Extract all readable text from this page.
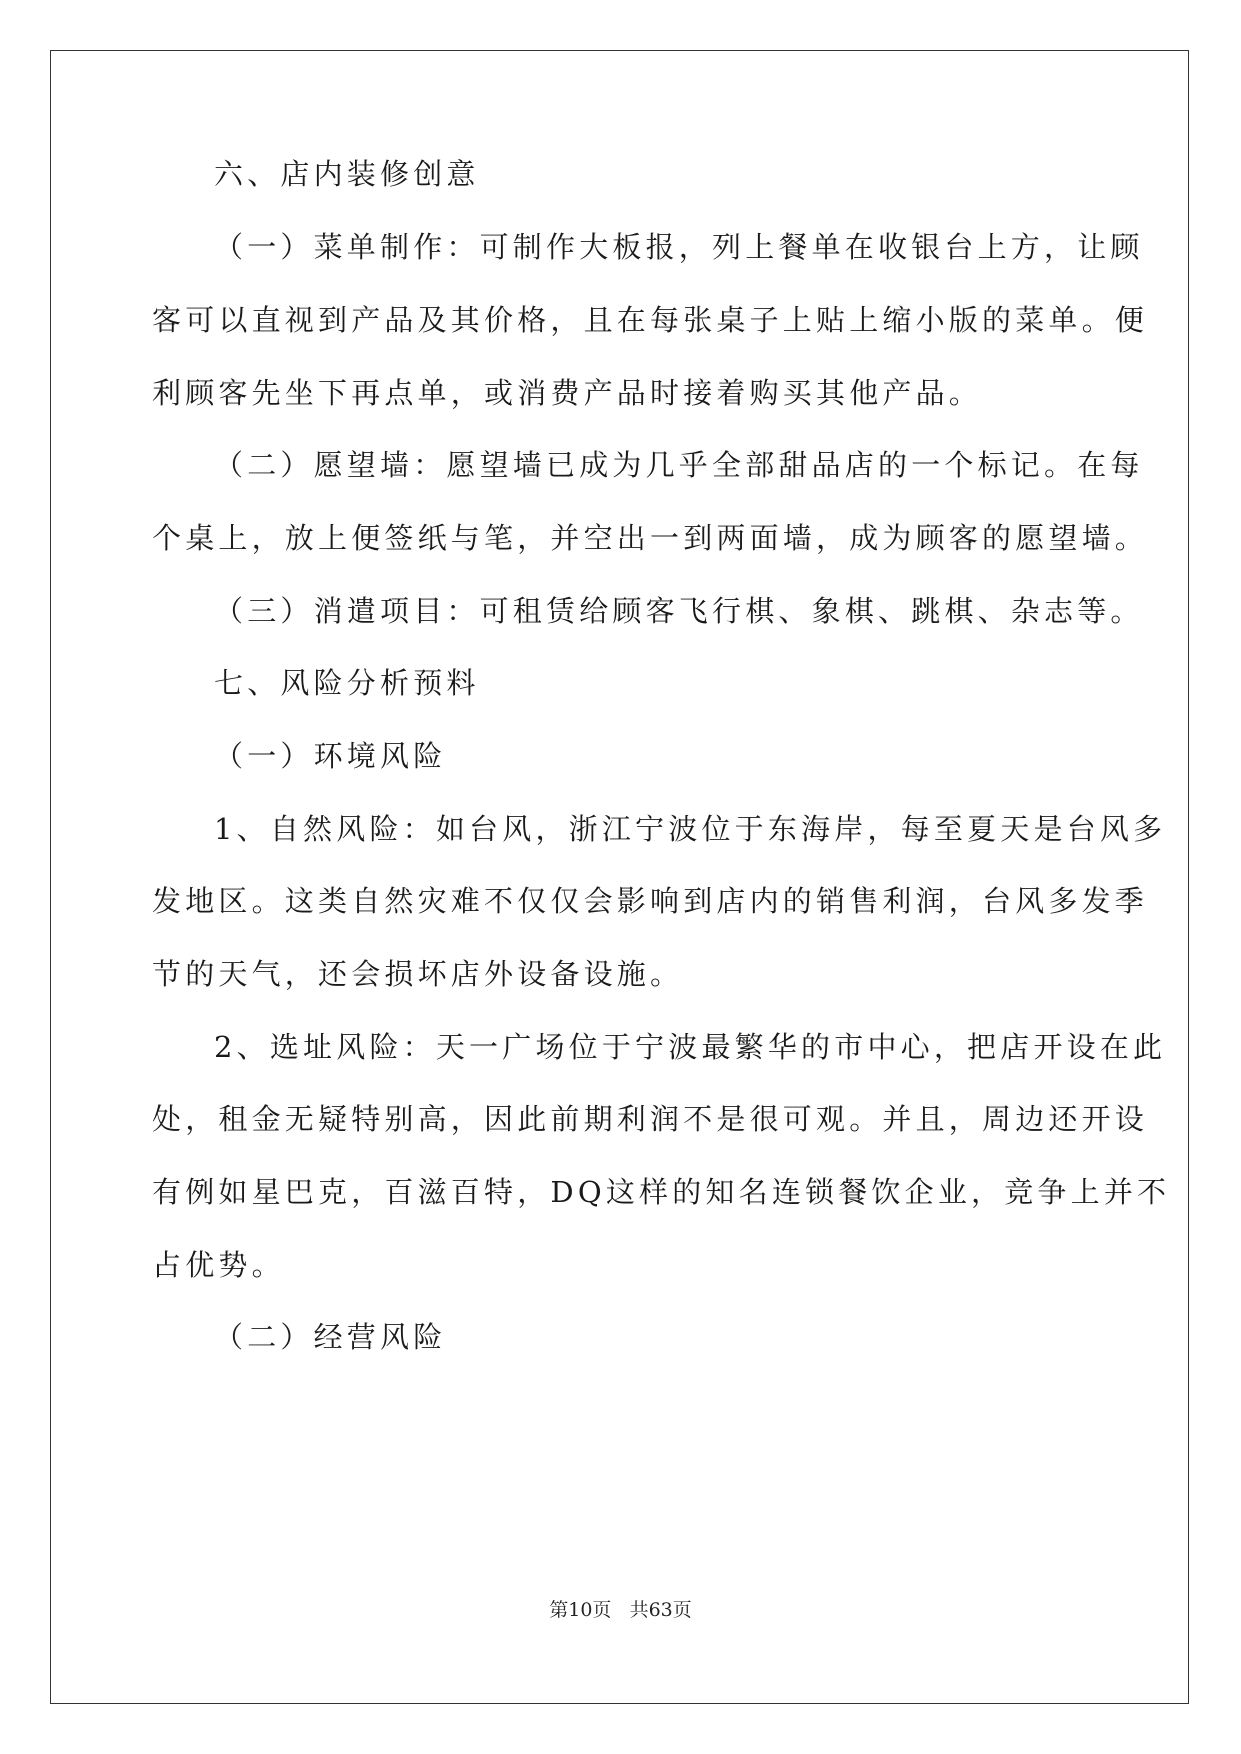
六、店内装修创意
（一）菜单制作：可制作大板报，列上餐单在收银台上方，让顾
客可以直视到产品及其价格，且在每张桌子上贴上缩小版的菜单。便
利顾客先坐下再点单，或消费产品时接着购买其他产品。
（二）愿望墙：愿望墙已成为几乎全部甜品店的一个标记。在每
个桌上，放上便签纸与笔，并空出一到两面墙，成为顾客的愿望墙。
（三）消遣项目：可租赁给顾客飞行棋、象棋、跳棋、杂志等。
七、风险分析预料
（一）环境风险
1、自然风险：如台风，浙江宁波位于东海岸，每至夏天是台风多
发地区。这类自然灾难不仅仅会影响到店内的销售利润，台风多发季
节的天气，还会损坏店外设备设施。
2、选址风险：天一广场位于宁波最繁华的市中心，把店开设在此
处，租金无疑特别高，因此前期利润不是很可观。并且，周边还开设
有例如星巴克，百滋百特，DQ这样的知名连锁餐饮企业，竞争上并不
占优势。
（二）经营风险
第10页 共63页
